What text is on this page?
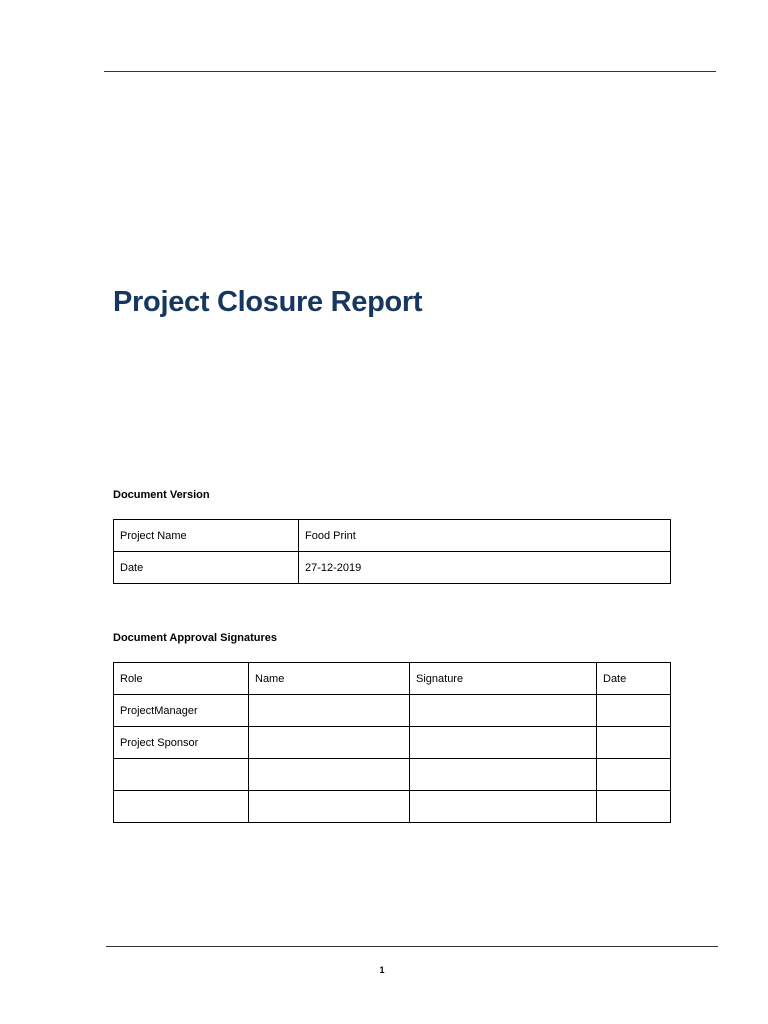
Project Closure Report
Document Version
Project Name	Food Print
Date	27-12-2019
Document Approval Signatures
Role	Name	Signature	Date
ProjectManager			
Project Sponsor			

1
